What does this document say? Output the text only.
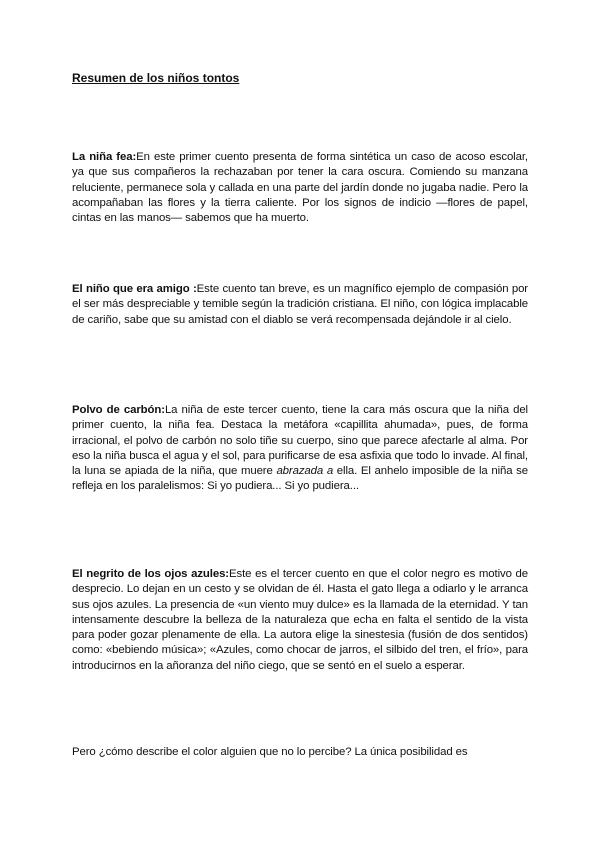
Resumen de los niños tontos
La niña fea:En este primer cuento presenta de forma sintética un caso de acoso escolar, ya que sus compañeros la rechazaban por tener la cara oscura. Comiendo su manzana reluciente, permanece sola y callada en una parte del jardín donde no jugaba nadie. Pero la acompañaban las flores y la tierra caliente. Por los signos de indicio —flores de papel, cintas en las manos— sabemos que ha muerto.
El niño que era amigo :Este cuento tan breve, es un magnífico ejemplo de compasión por el ser más despreciable y temible según la tradición cristiana. El niño, con lógica implacable de cariño, sabe que su amistad con el diablo se verá recompensada dejándole ir al cielo.
Polvo de carbón:La niña de este tercer cuento, tiene la cara más oscura que la niña del primer cuento, la niña fea. Destaca la metáfora «capillita ahumada», pues, de forma irracional, el polvo de carbón no solo tiñe su cuerpo, sino que parece afectarle al alma. Por eso la niña busca el agua y el sol, para purificarse de esa asfixia que todo lo invade. Al final, la luna se apiada de la niña, que muere abrazada a ella. El anhelo imposible de la niña se refleja en los paralelismos: Si yo pudiera... Si yo pudiera...
El negrito de los ojos azules:Este es el tercer cuento en que el color negro es motivo de desprecio. Lo dejan en un cesto y se olvidan de él. Hasta el gato llega a odiarlo y le arranca sus ojos azules. La presencia de «un viento muy dulce» es la llamada de la eternidad. Y tan intensamente descubre la belleza de la naturaleza que echa en falta el sentido de la vista para poder gozar plenamente de ella. La autora elige la sinestesia (fusión de dos sentidos) como: «bebiendo música»; «Azules, como chocar de jarros, el silbido del tren, el frío», para introducirnos en la añoranza del niño ciego, que se sentó en el suelo a esperar.
Pero ¿cómo describe el color alguien que no lo percibe? La única posibilidad es
